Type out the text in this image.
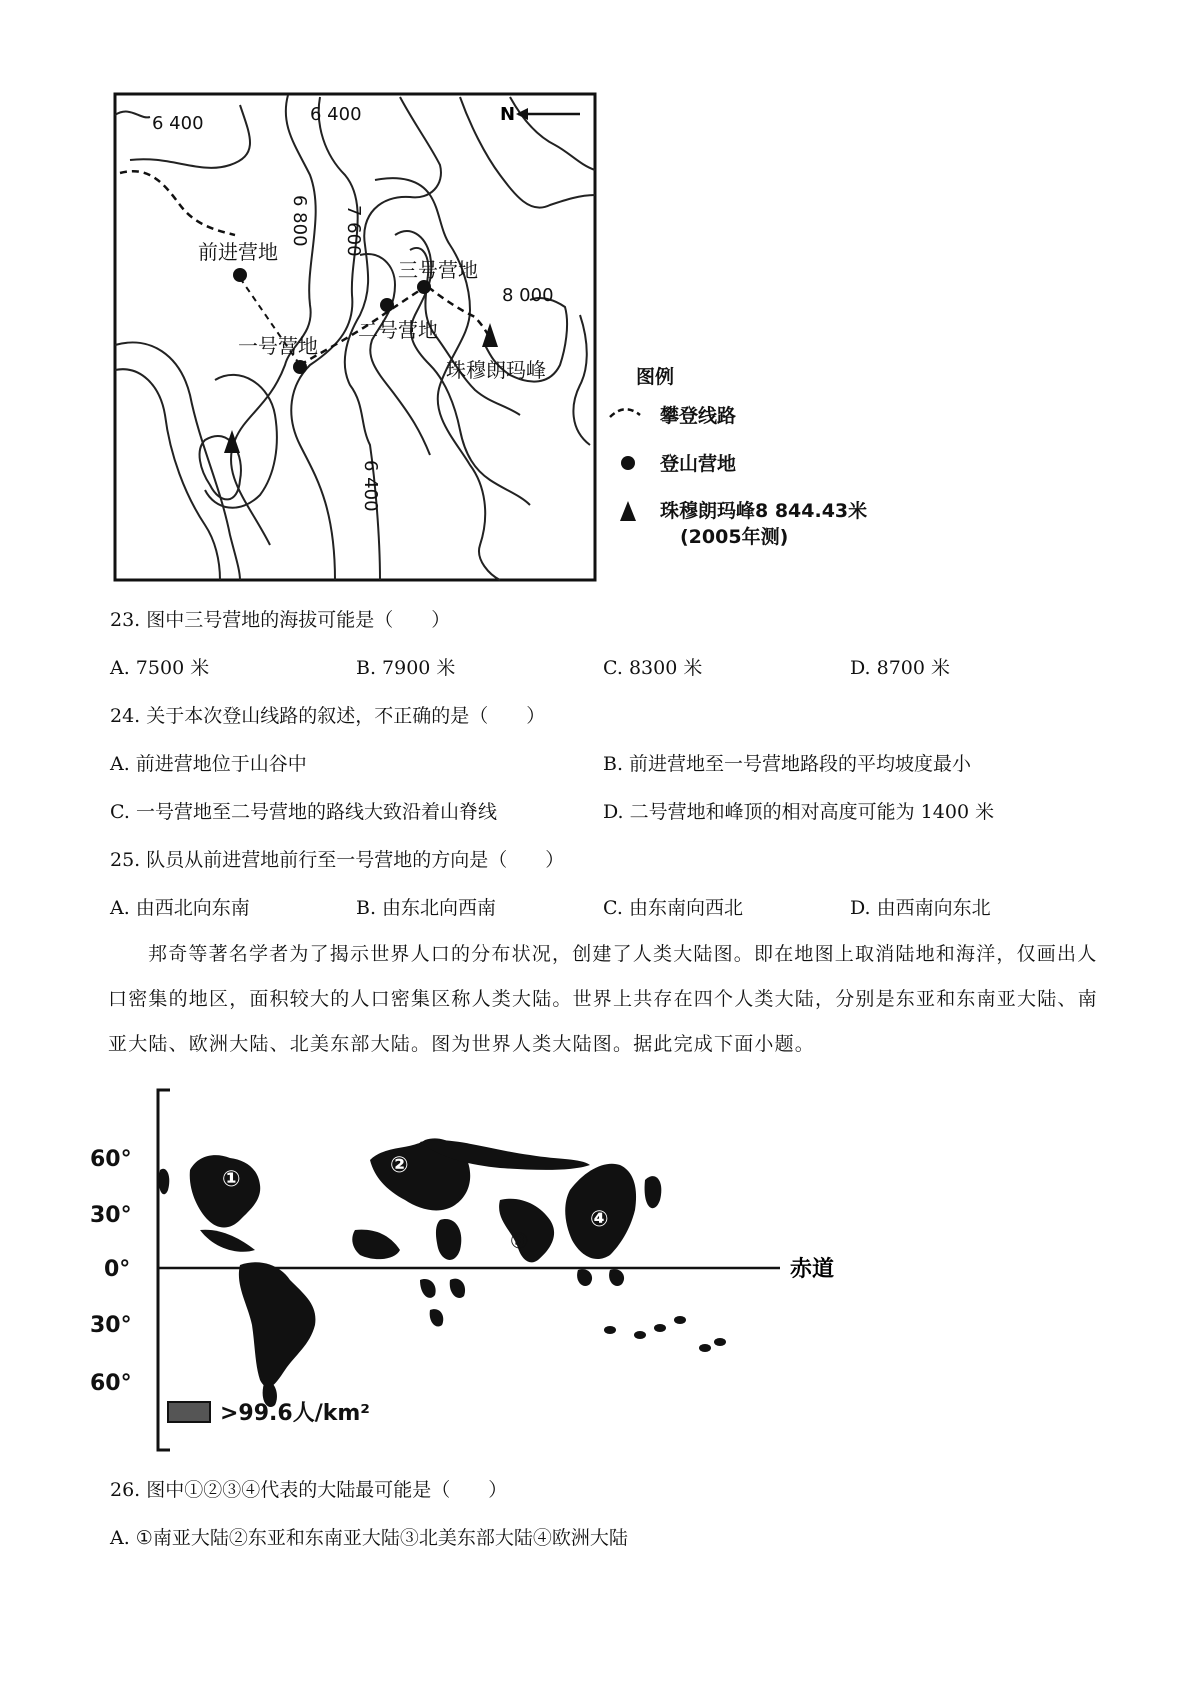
N
6 400	6 400
6 800 7 600
8 000
6 400
前进营地
一号营地
二号营地
三号营地
珠穆朗玛峰	图例
攀登线路
登山营地
珠穆朗玛峰8 844.43米
(2005年测)
23. 图中三号营地的海拔可能是（　　）
A. 7500 米	B. 7900 米	C. 8300 米	D. 8700 米
24. 关于本次登山线路的叙述，不正确的是（　　）
A. 前进营地位于山谷中	B. 前进营地至一号营地路段的平均坡度最小
C. 一号营地至二号营地的路线大致沿着山脊线	D. 二号营地和峰顶的相对高度可能为 1400 米
25. 队员从前进营地前行至一号营地的方向是（　　）
A. 由西北向东南	B. 由东北向西南	C. 由东南向西北	D. 由西南向东北
邦奇等著名学者为了揭示世界人口的分布状况，创建了人类大陆图。即在地图上取消陆地和海洋，仅画出人口密集的地区，面积较大的人口密集区称人类大陆。世界上共存在四个人类大陆，分别是东亚和东南亚大陆、南亚大陆、欧洲大陆、北美东部大陆。图为世界人类大陆图。据此完成下面小题。
赤道
60°
30°
0°
30°
60°
①
②
③
④
>99.6人/km²
26. 图中①②③④代表的大陆最可能是（　　）
A. ①南亚大陆②东亚和东南亚大陆③北美东部大陆④欧洲大陆
